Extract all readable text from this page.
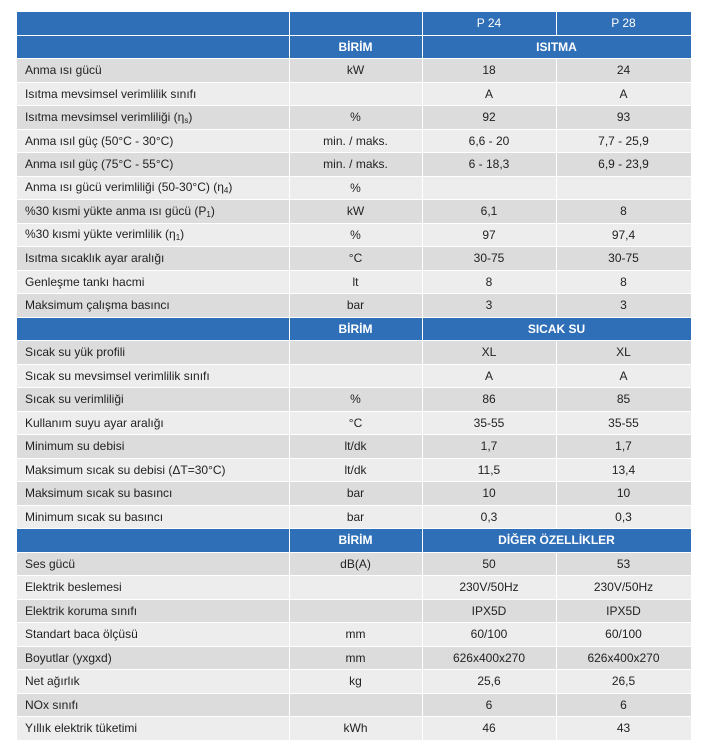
		P 24	P 28
	BİRİM	ISITMA	
Anma ısı gücü	kW	18	24
Isıtma mevsimsel verimlilik sınıfı		A	A
Isıtma mevsimsel verimliliği $(\eta_s)$	%	92	93
Anma ısıl güç (50°C - 30°C)	min. / maks.	6,6 - 20	7,7 - 25,9
Anma ısıl güç (75°C - 55°C)	min. / maks.	6 - 18,3	6,9 - 23,9
Anma ısı gücü verimliliği (50-30°C) $(\eta_4)$	%		
%30 kısmi yükte anma ısı gücü $(P_1)$	kW	6,1	8
%30 kısmi yükte verimlilik $(\eta_1)$	%	97	97,4
Isıtma sıcaklık ayar aralığı	°C	30-75	30-75
Genleşme tankı hacmi	lt	8	8
Maksimum çalışma basıncı	bar	3	3
	BİRİM	SICAK SU	
Sıcak su yük profili		XL	XL
Sıcak su mevsimsel verimlilik sınıfı		A	A
Sıcak su verimliliği	%	86	85
Kullanım suyu ayar aralığı	°C	35-55	35-55
Minimum su debisi	lt/dk	1,7	1,7
Maksimum sıcak su debisi (ΔT=30°C)	lt/dk	11,5	13,4
Maksimum sıcak su basıncı	bar	10	10
Minimum sıcak su basıncı	bar	0,3	0,3
	BİRİM	DİĞER ÖZELLİKLER	
Ses gücü	dB(A)	50	53
Elektrik beslemesi		230V/50Hz	230V/50Hz
Elektrik koruma sınıfı		IPX5D	IPX5D
Standart baca ölçüsü	mm	60/100	60/100
Boyutlar (yxgxd)	mm	626x400x270	626x400x270
Net ağırlık	kg	25,6	26,5
NOx sınıfı		6	6
Yıllık elektrik tüketimi	kWh	46	43
